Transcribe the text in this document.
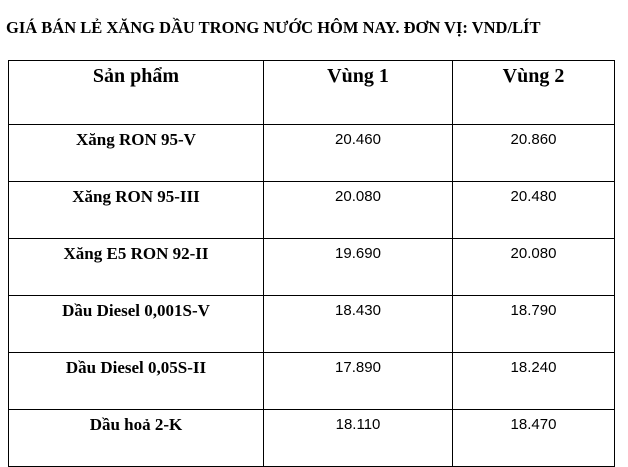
GIÁ BÁN LẺ XĂNG DẦU TRONG NƯỚC HÔM NAY. ĐƠN VỊ: VND/LÍT
Sản phẩm	Vùng 1	Vùng 2
Xăng RON 95-V	20.460	20.860
Xăng RON 95-III	20.080	20.480
Xăng E5 RON 92-II	19.690	20.080
Dầu Diesel 0,001S-V	18.430	18.790
Dầu Diesel 0,05S-II	17.890	18.240
Dầu hoả 2-K	18.110	18.470
